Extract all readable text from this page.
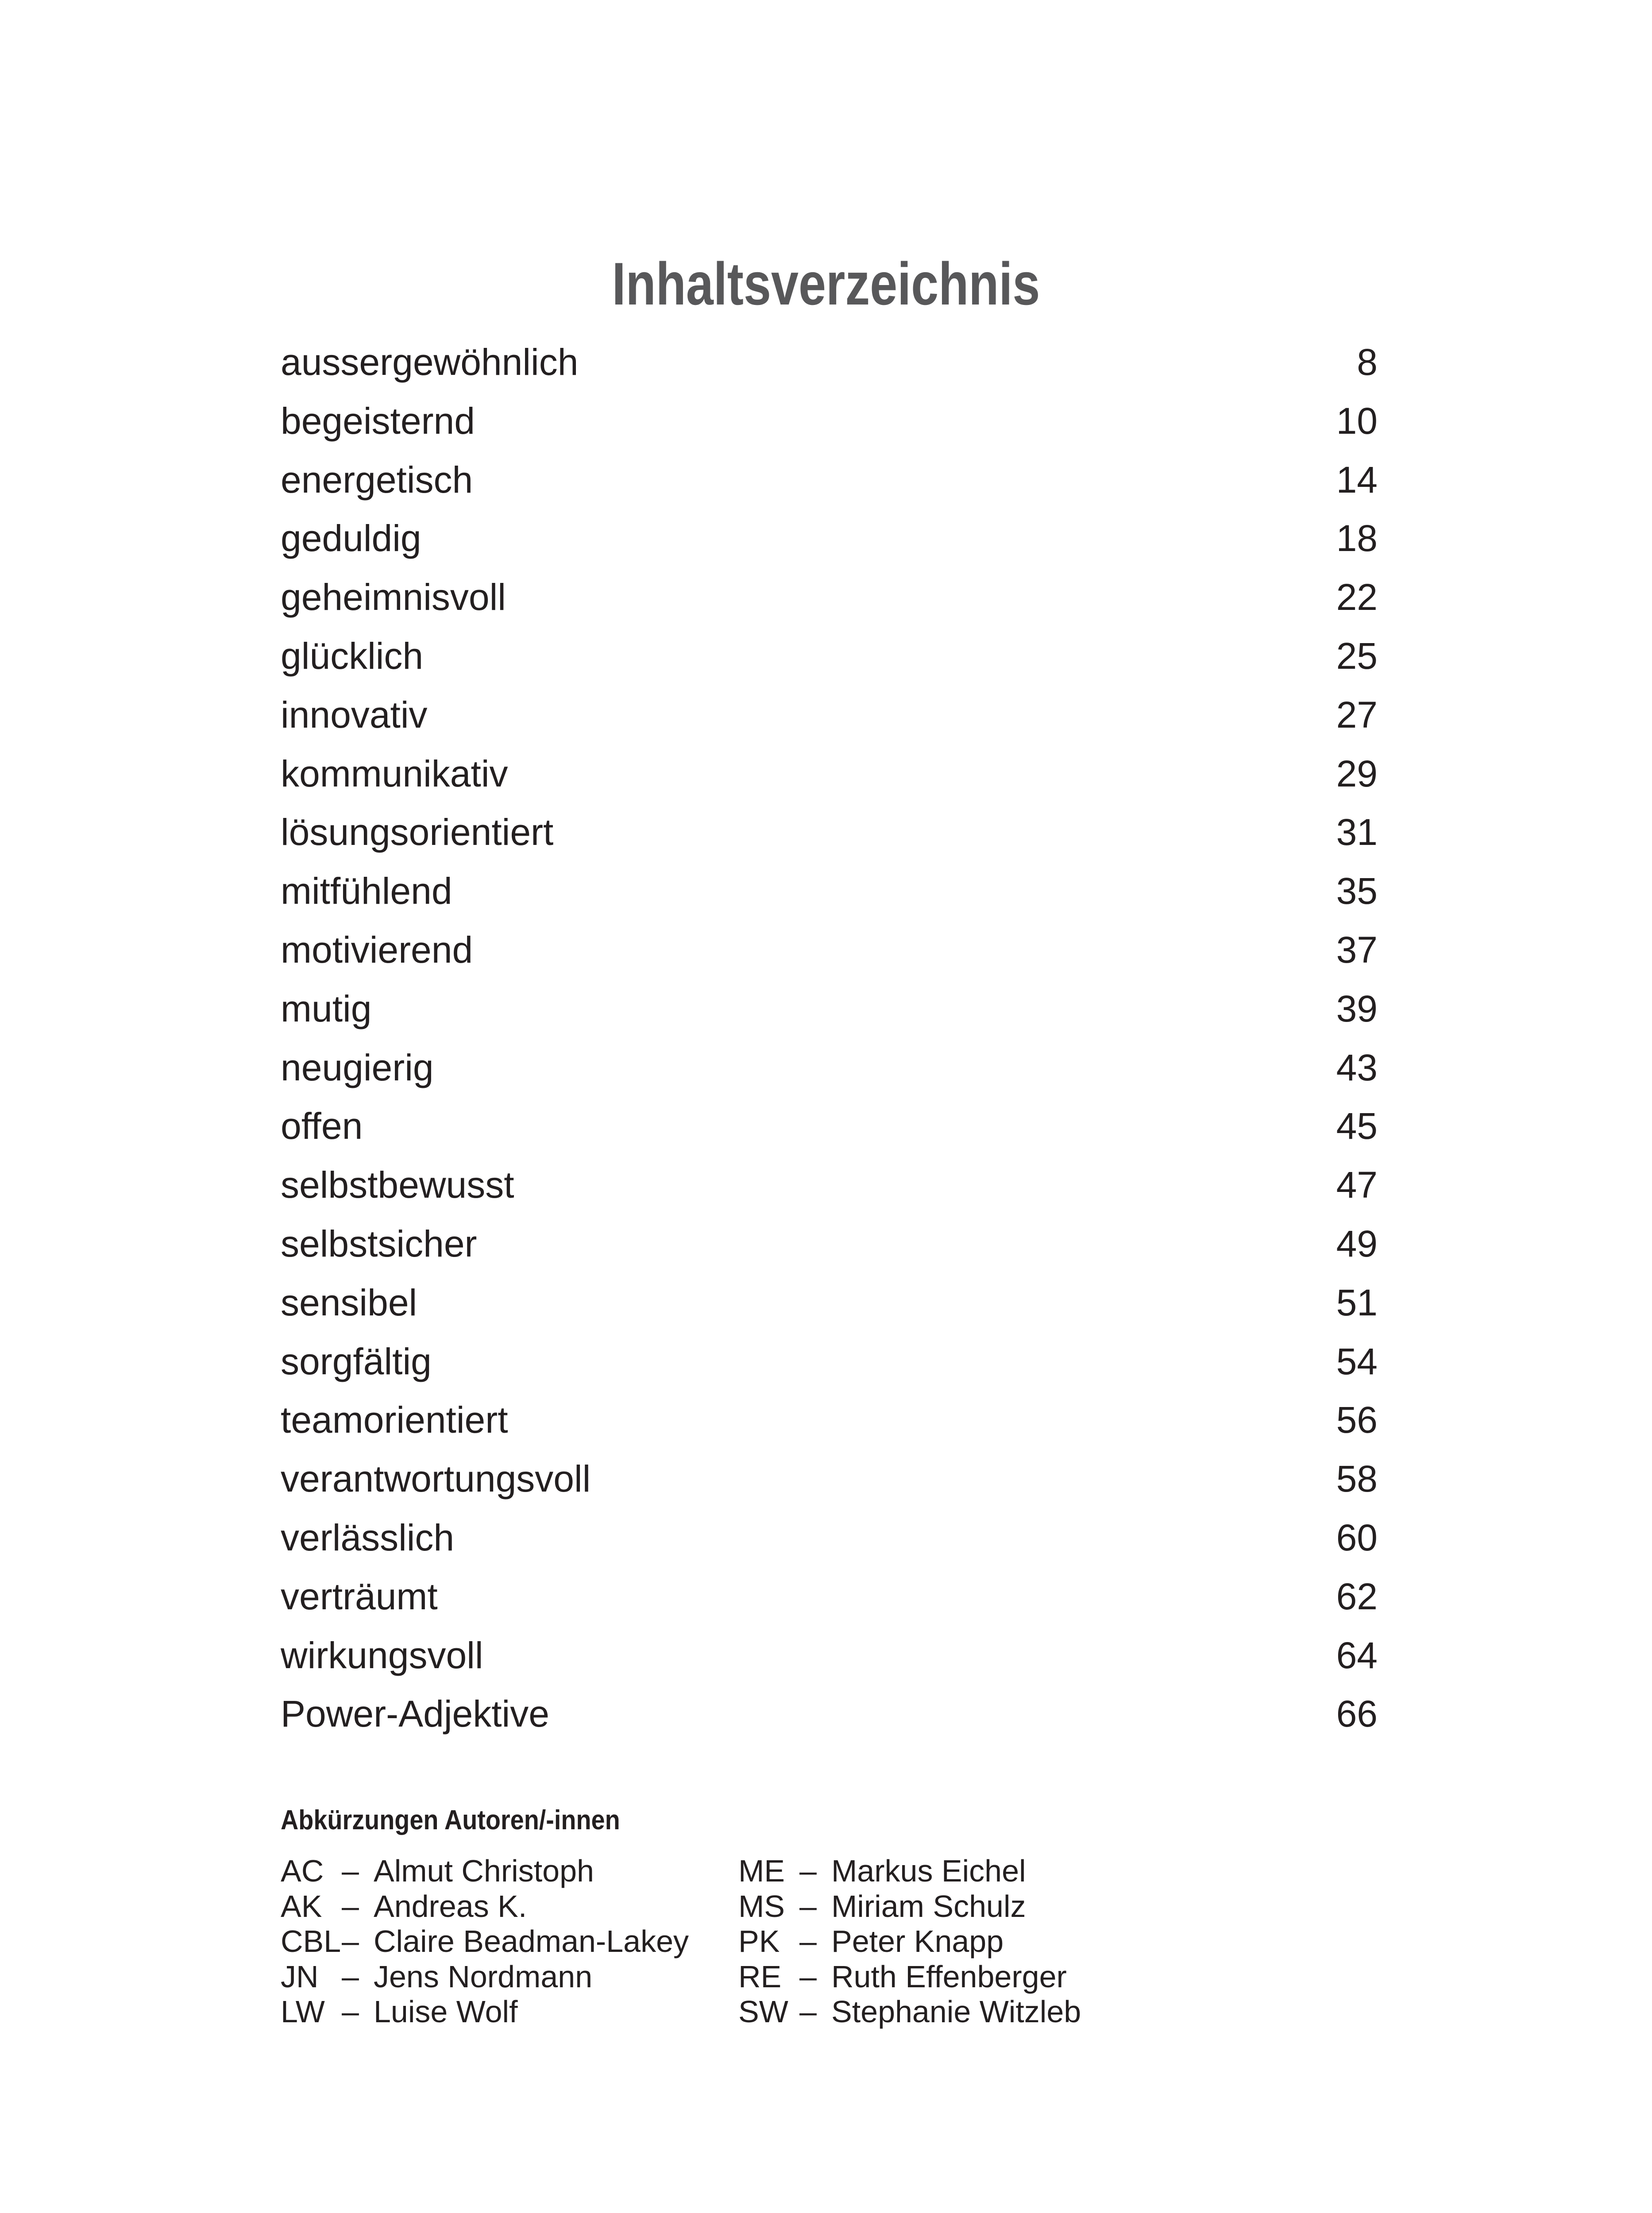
Inhaltsverzeichnis
aussergewöhnlich	8
begeisternd	10
energetisch	14
geduldig	18
geheimnisvoll	22
glücklich	25
innovativ	27
kommunikativ	29
lösungsorientiert	31
mitfühlend	35
motivierend	37
mutig	39
neugierig	43
offen	45
selbstbewusst	47
selbstsicher	49
sensibel	51
sorgfältig	54
teamorientiert	56
verantwortungsvoll	58
verlässlich	60
verträumt	62
wirkungsvoll	64
Power-Adjektive	66
Abkürzungen Autoren/-innen
AC – Almut Christoph
AK – Andreas K.
CBL – Claire Beadman-Lakey
JN – Jens Nordmann
LW – Luise Wolf
ME – Markus Eichel
MS – Miriam Schulz
PK – Peter Knapp
RE – Ruth Effenberger
SW – Stephanie Witzleb
